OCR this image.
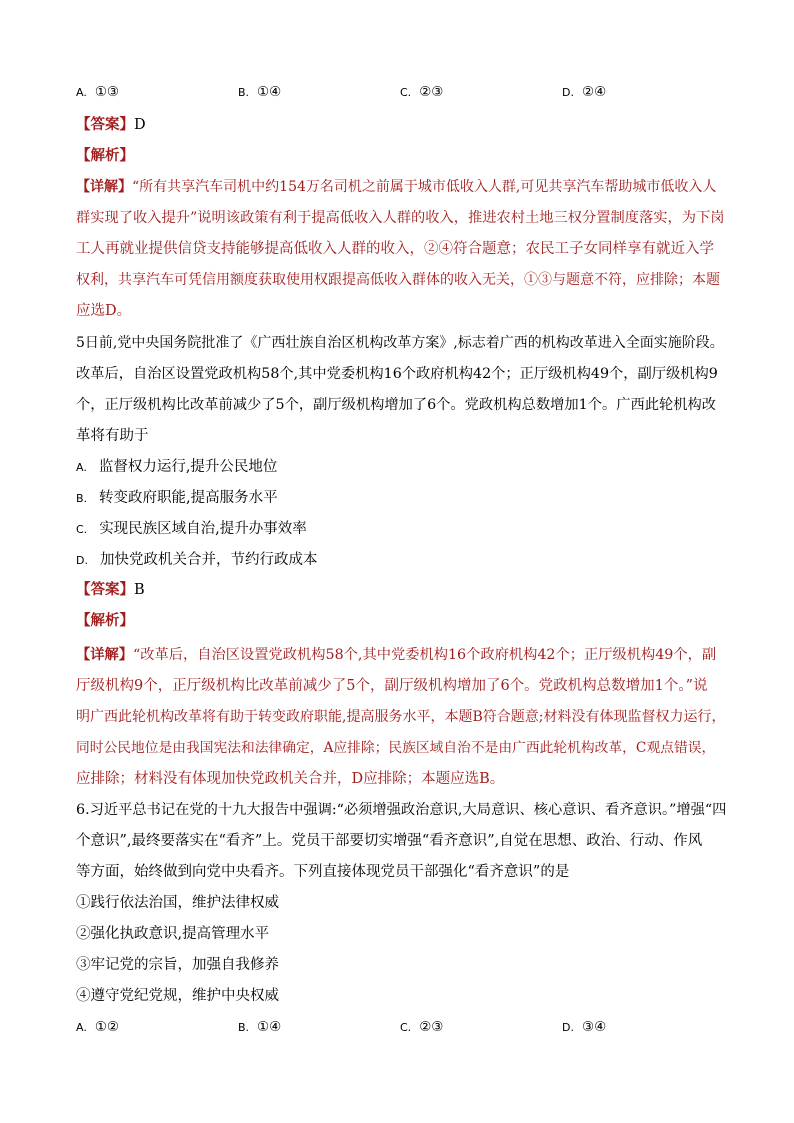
A. ①③	B. ①④	C. ②③	D. ②④
【答案】D
【解析】
【详解】“所有共享汽车司机中约154万名司机之前属于城市低收入人群,可见共享汽车帮助城市低收入人
群实现了收入提升”说明该政策有利于提高低收入人群的收入，推进农村土地三权分置制度落实，为下岗
工人再就业提供信贷支持能够提高低收入人群的收入，②④符合题意；农民工子女同样享有就近入学
权利，共享汽车可凭信用额度获取使用权跟提高低收入群体的收入无关，①③与题意不符，应排除；本题
应选D。
5日前,党中央国务院批准了《广西壮族自治区机构改革方案》,标志着广西的机构改革进入全面实施阶段。
改革后，自治区设置党政机构58个,其中党委机构16个政府机构42个；正厅级机构49个，副厅级机构9
个，正厅级机构比改革前减少了5个，副厅级机构增加了6个。党政机构总数增加1个。广西此轮机构改
革将有助于
A. 监督权力运行,提升公民地位
B. 转变政府职能,提高服务水平
C. 实现民族区域自治,提升办事效率
D. 加快党政机关合并，节约行政成本
【答案】B
【解析】
【详解】“改革后，自治区设置党政机构58个,其中党委机构16个政府机构42个；正厅级机构49个，副
厅级机构9个，正厅级机构比改革前减少了5个，副厅级机构增加了6个。党政机构总数增加1个。”说
明广西此轮机构改革将有助于转变政府职能,提高服务水平，本题B符合题意;材料没有体现监督权力运行，
同时公民地位是由我国宪法和法律确定，A应排除；民族区域自治不是由广西此轮机构改革，C观点错误，
应排除；材料没有体现加快党政机关合并，D应排除；本题应选B。
6.习近平总书记在党的十九大报告中强调:“必须增强政治意识,大局意识、核心意识、看齐意识。”增强“四
个意识”,最终要落实在“看齐”上。党员干部要切实增强“看齐意识”,自觉在思想、政治、行动、作风
等方面，始终做到向党中央看齐。下列直接体现党员干部强化“看齐意识”的是
①践行依法治国，维护法律权威
②强化执政意识,提高管理水平
③牢记党的宗旨，加强自我修养
④遵守党纪党规，维护中央权威
A. ①②	B. ①④	C. ②③	D. ③④
